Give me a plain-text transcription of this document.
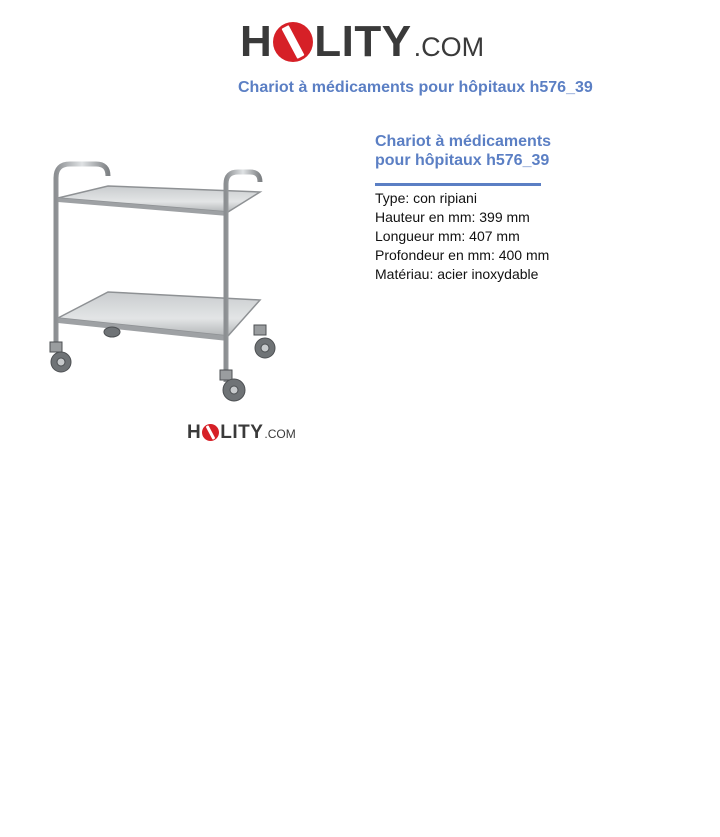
H LITY .COM
Chariot à médicaments pour hôpitaux h576_39
H LITY .COM
Chariot à médicaments pour hôpitaux h576_39
Type: con ripiani
Hauteur en mm: 399 mm
Longueur mm: 407 mm
Profondeur en mm: 400 mm
Matériau: acier inoxydable
